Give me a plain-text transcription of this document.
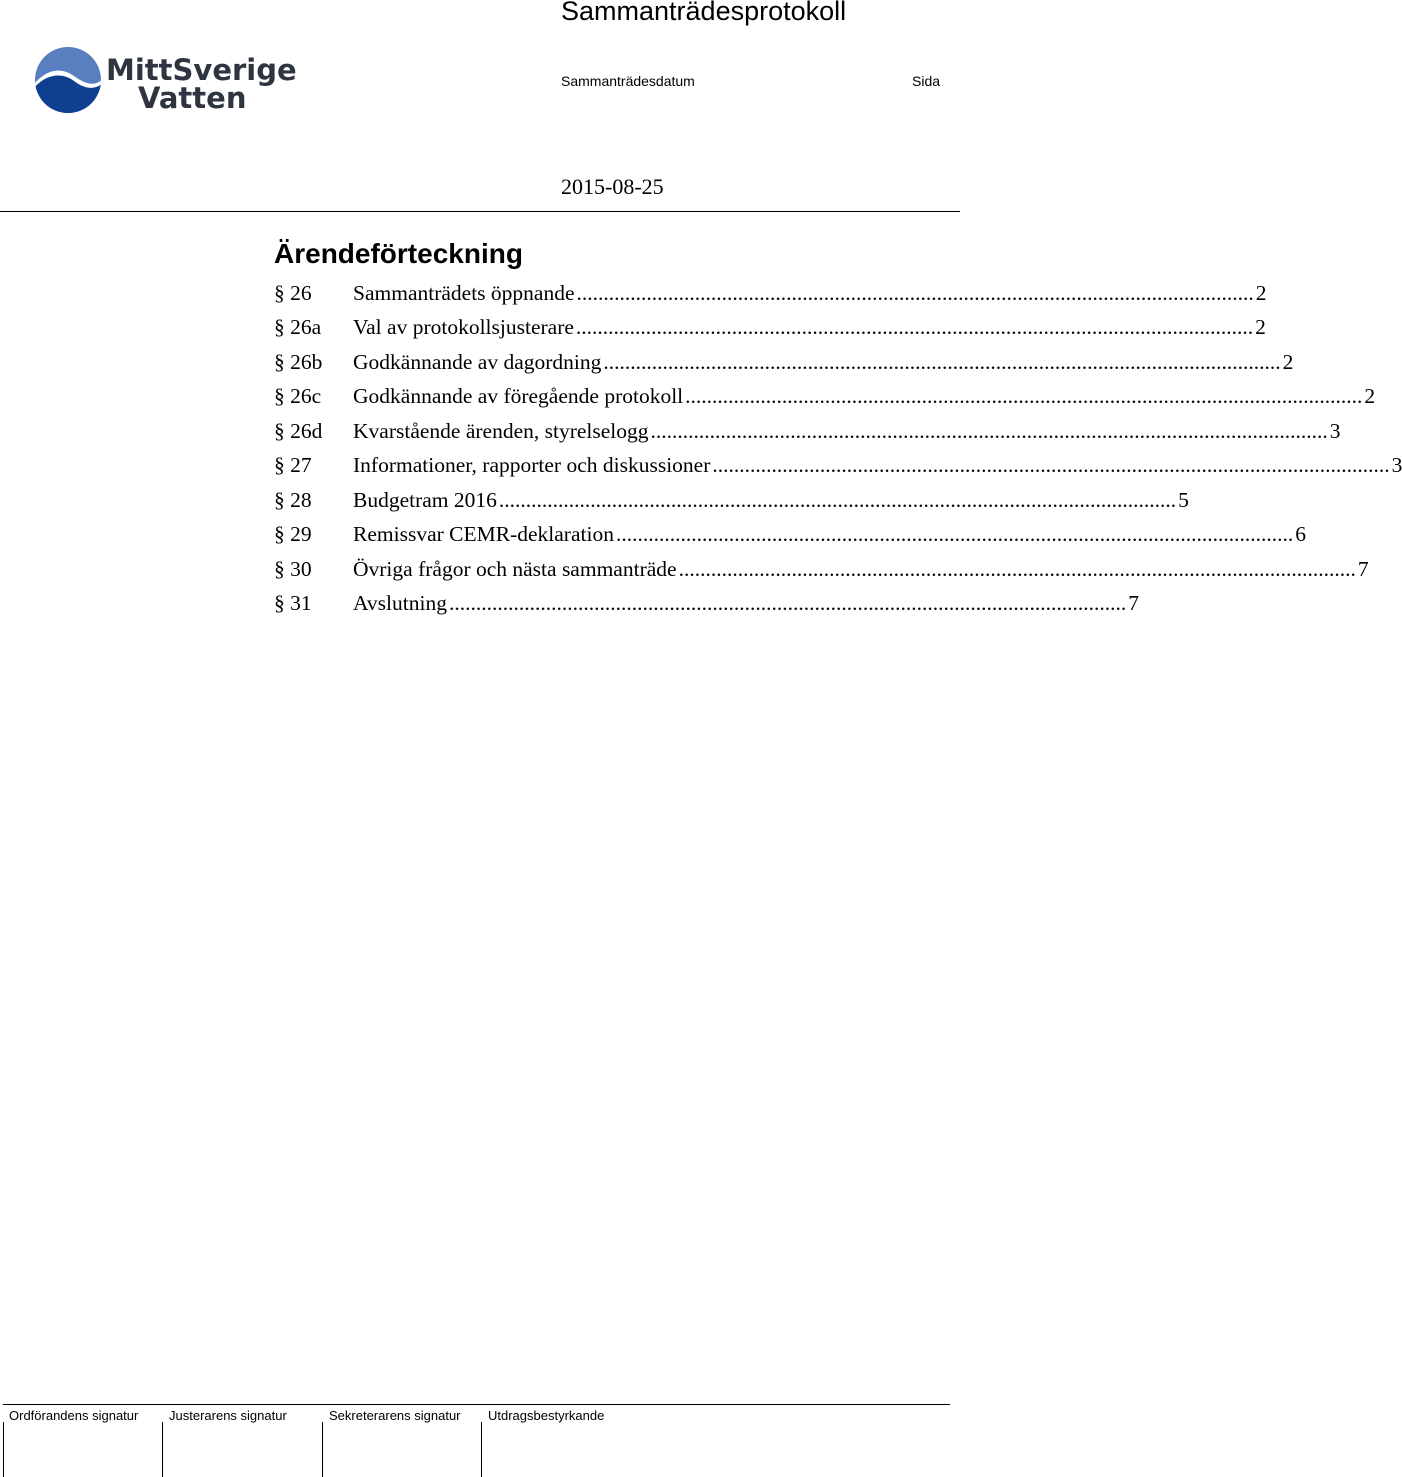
MittSverige
Vatten
Sammanträdesprotokoll
Sammanträdesdatum	Sida
2015-08-25
Ärendeförteckning
§ 26	Sammanträdets öppnande .............................................................................................................................. 2
§ 26a	Val av protokollsjusterare .............................................................................................................................. 2
§ 26b	Godkännande av dagordning .............................................................................................................................. 2
§ 26c	Godkännande av föregående protokoll .............................................................................................................................. 2
§ 26d	Kvarstående ärenden, styrelselogg .............................................................................................................................. 3
§ 27	Informationer, rapporter och diskussioner .............................................................................................................................. 3
§ 28	Budgetram 2016 .............................................................................................................................. 5
§ 29	Remissvar CEMR-deklaration .............................................................................................................................. 6
§ 30	Övriga frågor och nästa sammanträde .............................................................................................................................. 7
§ 31	Avslutning .............................................................................................................................. 7
Ordförandens signatur	Justerarens signatur	Sekreterarens signatur	Utdragsbestyrkande
